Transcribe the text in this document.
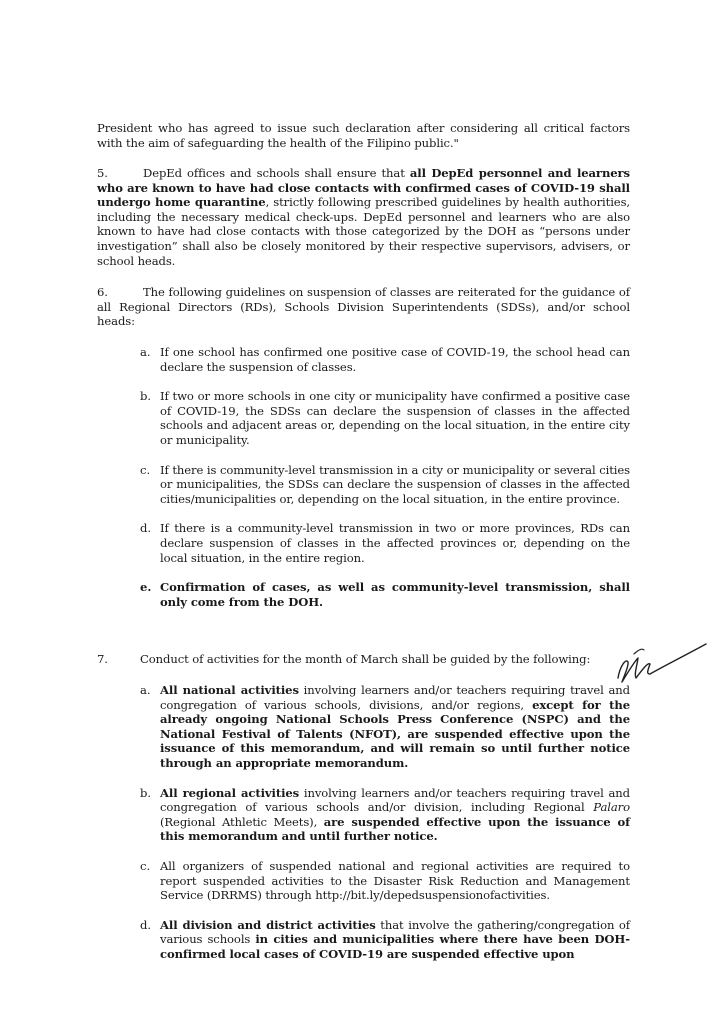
President who has agreed to issue such declaration after considering all critical factors with the aim of safeguarding the health of the Filipino public."

5.	DepEd offices and schools shall ensure that all DepEd personnel and learners who are known to have had close contacts with confirmed cases of COVID-19 shall undergo home quarantine, strictly following prescribed guidelines by health authorities, including the necessary medical check-ups. DepEd personnel and learners who are also known to have had close contacts with those categorized by the DOH as “persons under investigation” shall also be closely monitored by their respective supervisors, advisers, or school heads.

6.	The following guidelines on suspension of classes are reiterated for the guidance of all Regional Directors (RDs), Schools Division Superintendents (SDSs), and/or school heads:

a. If one school has confirmed one positive case of COVID-19, the school head can declare the suspension of classes.
b. If two or more schools in one city or municipality have confirmed a positive case of COVID-19, the SDSs can declare the suspension of classes in the affected schools and adjacent areas or, depending on the local situation, in the entire city or municipality.
c. If there is community-level transmission in a city or municipality or several cities or municipalities, the SDSs can declare the suspension of classes in the affected cities/municipalities or, depending on the local situation, in the entire province.
d. If there is a community-level transmission in two or more provinces, RDs can declare suspension of classes in the affected provinces or, depending on the local situation, in the entire region.
e. Confirmation of cases, as well as community-level transmission, shall only come from the DOH.
7.	Conduct of activities for the month of March shall be guided by the following:
a. All national activities involving learners and/or teachers requiring travel and congregation of various schools, divisions, and/or regions, except for the already ongoing National Schools Press Conference (NSPC) and the National Festival of Talents (NFOT), are suspended effective upon the issuance of this memorandum, and will remain so until further notice through an appropriate memorandum.
b. All regional activities involving learners and/or teachers requiring travel and congregation of various schools and/or division, including Regional Palaro (Regional Athletic Meets), are suspended effective upon the issuance of this memorandum and until further notice.
c. All organizers of suspended national and regional activities are required to report suspended activities to the Disaster Risk Reduction and Management Service (DRRMS) through http://bit.ly/depedsuspensionofactivities.
d. All division and district activities that involve the gathering/congregation of various schools in cities and municipalities where there have been DOH-confirmed local cases of COVID-19 are suspended effective upon
